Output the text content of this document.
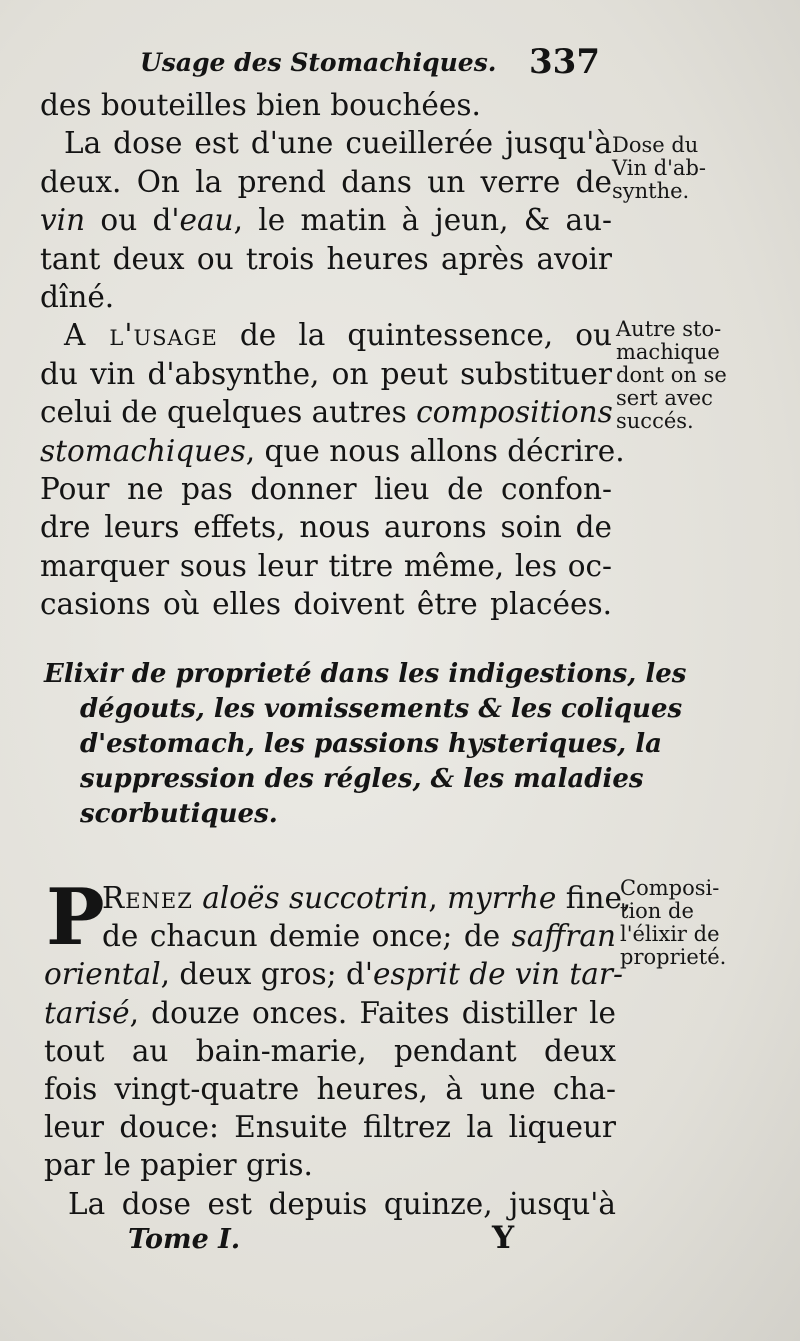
Usage des Stomachiques. 337
des bouteilles bien bouchées.
La dose est d'une cueillerée jusqu'à
deux. On la prend dans un verre de
vin ou d'eau, le matin à jeun, & au-
tant deux ou trois heures après avoir
dîné.
A l'usage de la quintessence, ou
du vin d'absynthe, on peut substituer
celui de quelques autres compositions
stomachiques, que nous allons décrire.
Pour ne pas donner lieu de confon-
dre leurs effets, nous aurons soin de
marquer sous leur titre même, les oc-
casions où elles doivent être placées.
Elixir de proprieté dans les indigestions, les
dégouts, les vomissements & les coliques
d'estomach, les passions hysteriques, la
suppression des régles, & les maladies
scorbutiques.
P
Renez aloës succotrin, myrrhe fine,
de chacun demie once; de saffran
oriental, deux gros; d'esprit de vin tar-
tarisé, douze onces. Faites distiller le
tout au bain-marie, pendant deux
fois vingt-quatre heures, à une cha-
leur douce: Ensuite filtrez la liqueur
par le papier gris.
La dose est depuis quinze, jusqu'à
Dose du
Vin d'ab-
synthe.
Autre sto-
machique
dont on se
sert avec
succés.
Composi-
tion de
l'élixir de
proprieté.
Tome I.	Y
